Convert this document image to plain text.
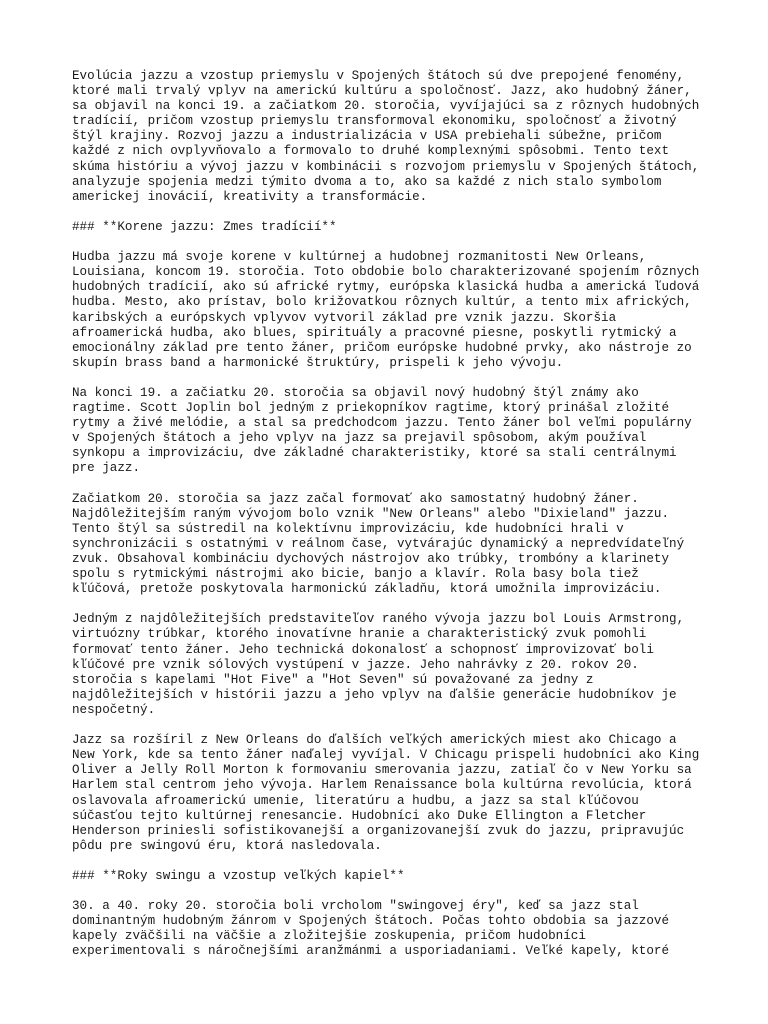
Evolúcia jazzu a vzostup priemyslu v Spojených štátoch sú dve prepojené fenomény,
ktoré mali trvalý vplyv na americkú kultúru a spoločnosť. Jazz, ako hudobný žáner,
sa objavil na konci 19. a začiatkom 20. storočia, vyvíjajúci sa z rôznych hudobných
tradícií, pričom vzostup priemyslu transformoval ekonomiku, spoločnosť a životný
štýl krajiny. Rozvoj jazzu a industrializácia v USA prebiehali súbežne, pričom
každé z nich ovplyvňovalo a formovalo to druhé komplexnými spôsobmi. Tento text
skúma históriu a vývoj jazzu v kombinácii s rozvojom priemyslu v Spojených štátoch,
analyzuje spojenia medzi týmito dvoma a to, ako sa každé z nich stalo symbolom
americkej inovácií, kreativity a transformácie.

### **Korene jazzu: Zmes tradícií**

Hudba jazzu má svoje korene v kultúrnej a hudobnej rozmanitosti New Orleans,
Louisiana, koncom 19. storočia. Toto obdobie bolo charakterizované spojením rôznych
hudobných tradícií, ako sú africké rytmy, európska klasická hudba a americká ľudová
hudba. Mesto, ako prístav, bolo križovatkou rôznych kultúr, a tento mix afrických,
karibských a európskych vplyvov vytvoril základ pre vznik jazzu. Skoršia
afroamerická hudba, ako blues, spirituály a pracovné piesne, poskytli rytmický a
emocionálny základ pre tento žáner, pričom európske hudobné prvky, ako nástroje zo
skupín brass band a harmonické štruktúry, prispeli k jeho vývoju.

Na konci 19. a začiatku 20. storočia sa objavil nový hudobný štýl známy ako
ragtime. Scott Joplin bol jedným z priekopníkov ragtime, ktorý prinášal zložité
rytmy a živé melódie, a stal sa predchodcom jazzu. Tento žáner bol veľmi populárny
v Spojených štátoch a jeho vplyv na jazz sa prejavil spôsobom, akým používal
synkopu a improvizáciu, dve základné charakteristiky, ktoré sa stali centrálnymi
pre jazz.

Začiatkom 20. storočia sa jazz začal formovať ako samostatný hudobný žáner.
Najdôležitejším raným vývojom bolo vznik "New Orleans" alebo "Dixieland" jazzu.
Tento štýl sa sústredil na kolektívnu improvizáciu, kde hudobníci hrali v
synchronizácii s ostatnými v reálnom čase, vytvárajúc dynamický a nepredvídateľný
zvuk. Obsahoval kombináciu dychových nástrojov ako trúbky, trombóny a klarinety
spolu s rytmickými nástrojmi ako bicie, banjo a klavír. Rola basy bola tiež
kľúčová, pretože poskytovala harmonickú základňu, ktorá umožnila improvizáciu.

Jedným z najdôležitejších predstaviteľov raného vývoja jazzu bol Louis Armstrong,
virtuózny trúbkar, ktorého inovatívne hranie a charakteristický zvuk pomohli
formovať tento žáner. Jeho technická dokonalosť a schopnosť improvizovať boli
kľúčové pre vznik sólových vystúpení v jazze. Jeho nahrávky z 20. rokov 20.
storočia s kapelami "Hot Five" a "Hot Seven" sú považované za jedny z
najdôležitejších v histórii jazzu a jeho vplyv na ďalšie generácie hudobníkov je
nespočetný.

Jazz sa rozšíril z New Orleans do ďalších veľkých amerických miest ako Chicago a
New York, kde sa tento žáner naďalej vyvíjal. V Chicagu prispeli hudobníci ako King
Oliver a Jelly Roll Morton k formovaniu smerovania jazzu, zatiaľ čo v New Yorku sa
Harlem stal centrom jeho vývoja. Harlem Renaissance bola kultúrna revolúcia, ktorá
oslavovala afroamerickú umenie, literatúru a hudbu, a jazz sa stal kľúčovou
súčasťou tejto kultúrnej renesancie. Hudobníci ako Duke Ellington a Fletcher
Henderson priniesli sofistikovanejší a organizovanejší zvuk do jazzu, pripravujúc
pôdu pre swingovú éru, ktorá nasledovala.

### **Roky swingu a vzostup veľkých kapiel**

30. a 40. roky 20. storočia boli vrcholom "swingovej éry", keď sa jazz stal
dominantným hudobným žánrom v Spojených štátoch. Počas tohto obdobia sa jazzové
kapely zväčšili na väčšie a zložitejšie zoskupenia, pričom hudobníci
experimentovali s náročnejšími aranžmánmi a usporiadaniami. Veľké kapely, ktoré
